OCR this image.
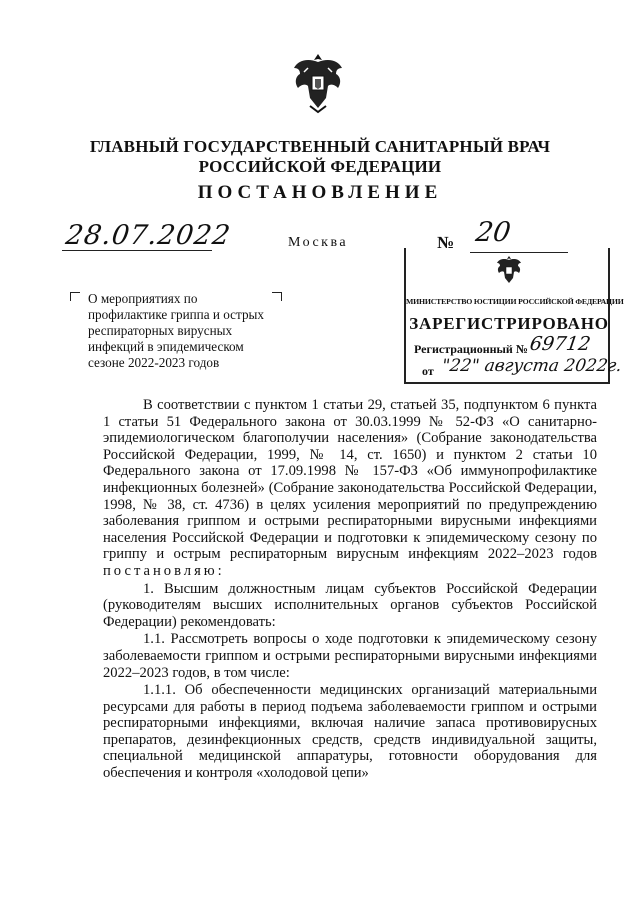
ГЛАВНЫЙ ГОСУДАРСТВЕННЫЙ САНИТАРНЫЙ ВРАЧ
РОССИЙСКОЙ ФЕДЕРАЦИИ
ПОСТАНОВЛЕНИЕ
28.07.2022	Москва	№ 20
МИНИСТЕРСТВО ЮСТИЦИИ РОССИЙСКОЙ ФЕДЕРАЦИИ
ЗАРЕГИСТРИРОВАНО
Регистрационный № 69712
от "22" августа 2022г.
О мероприятиях по профилактике гриппа и острых респираторных вирусных инфекций в эпидемическом сезоне 2022-2023 годов

В соответствии с пунктом 1 статьи 29, статьей 35, подпунктом 6 пункта 1 статьи 51 Федерального закона от 30.03.1999 № 52-ФЗ «О санитарно-эпидемиологическом благополучии населения» (Собрание законодательства Российской Федерации, 1999, № 14, ст. 1650) и пунктом 2 статьи 10 Федерального закона от 17.09.1998 № 157-ФЗ «Об иммунопрофилактике инфекционных болезней» (Собрание законодательства Российской Федерации, 1998, № 38, ст. 4736) в целях усиления мероприятий по предупреждению заболевания гриппом и острыми респираторными вирусными инфекциями населения Российской Федерации и подготовки к эпидемическому сезону по гриппу и острым респираторным вирусным инфекциям 2022–2023 годов постановляю:

1. Высшим должностным лицам субъектов Российской Федерации (руководителям высших исполнительных органов субъектов Российской Федерации) рекомендовать:

1.1. Рассмотреть вопросы о ходе подготовки к эпидемическому сезону заболеваемости гриппом и острыми респираторными вирусными инфекциями 2022–2023 годов, в том числе:

1.1.1. Об обеспеченности медицинских организаций материальными ресурсами для работы в период подъема заболеваемости гриппом и острыми респираторными инфекциями, включая наличие запаса противовирусных препаратов, дезинфекционных средств, средств индивидуальной защиты, специальной медицинской аппаратуры, готовности оборудования для обеспечения и контроля «холодовой цепи»
